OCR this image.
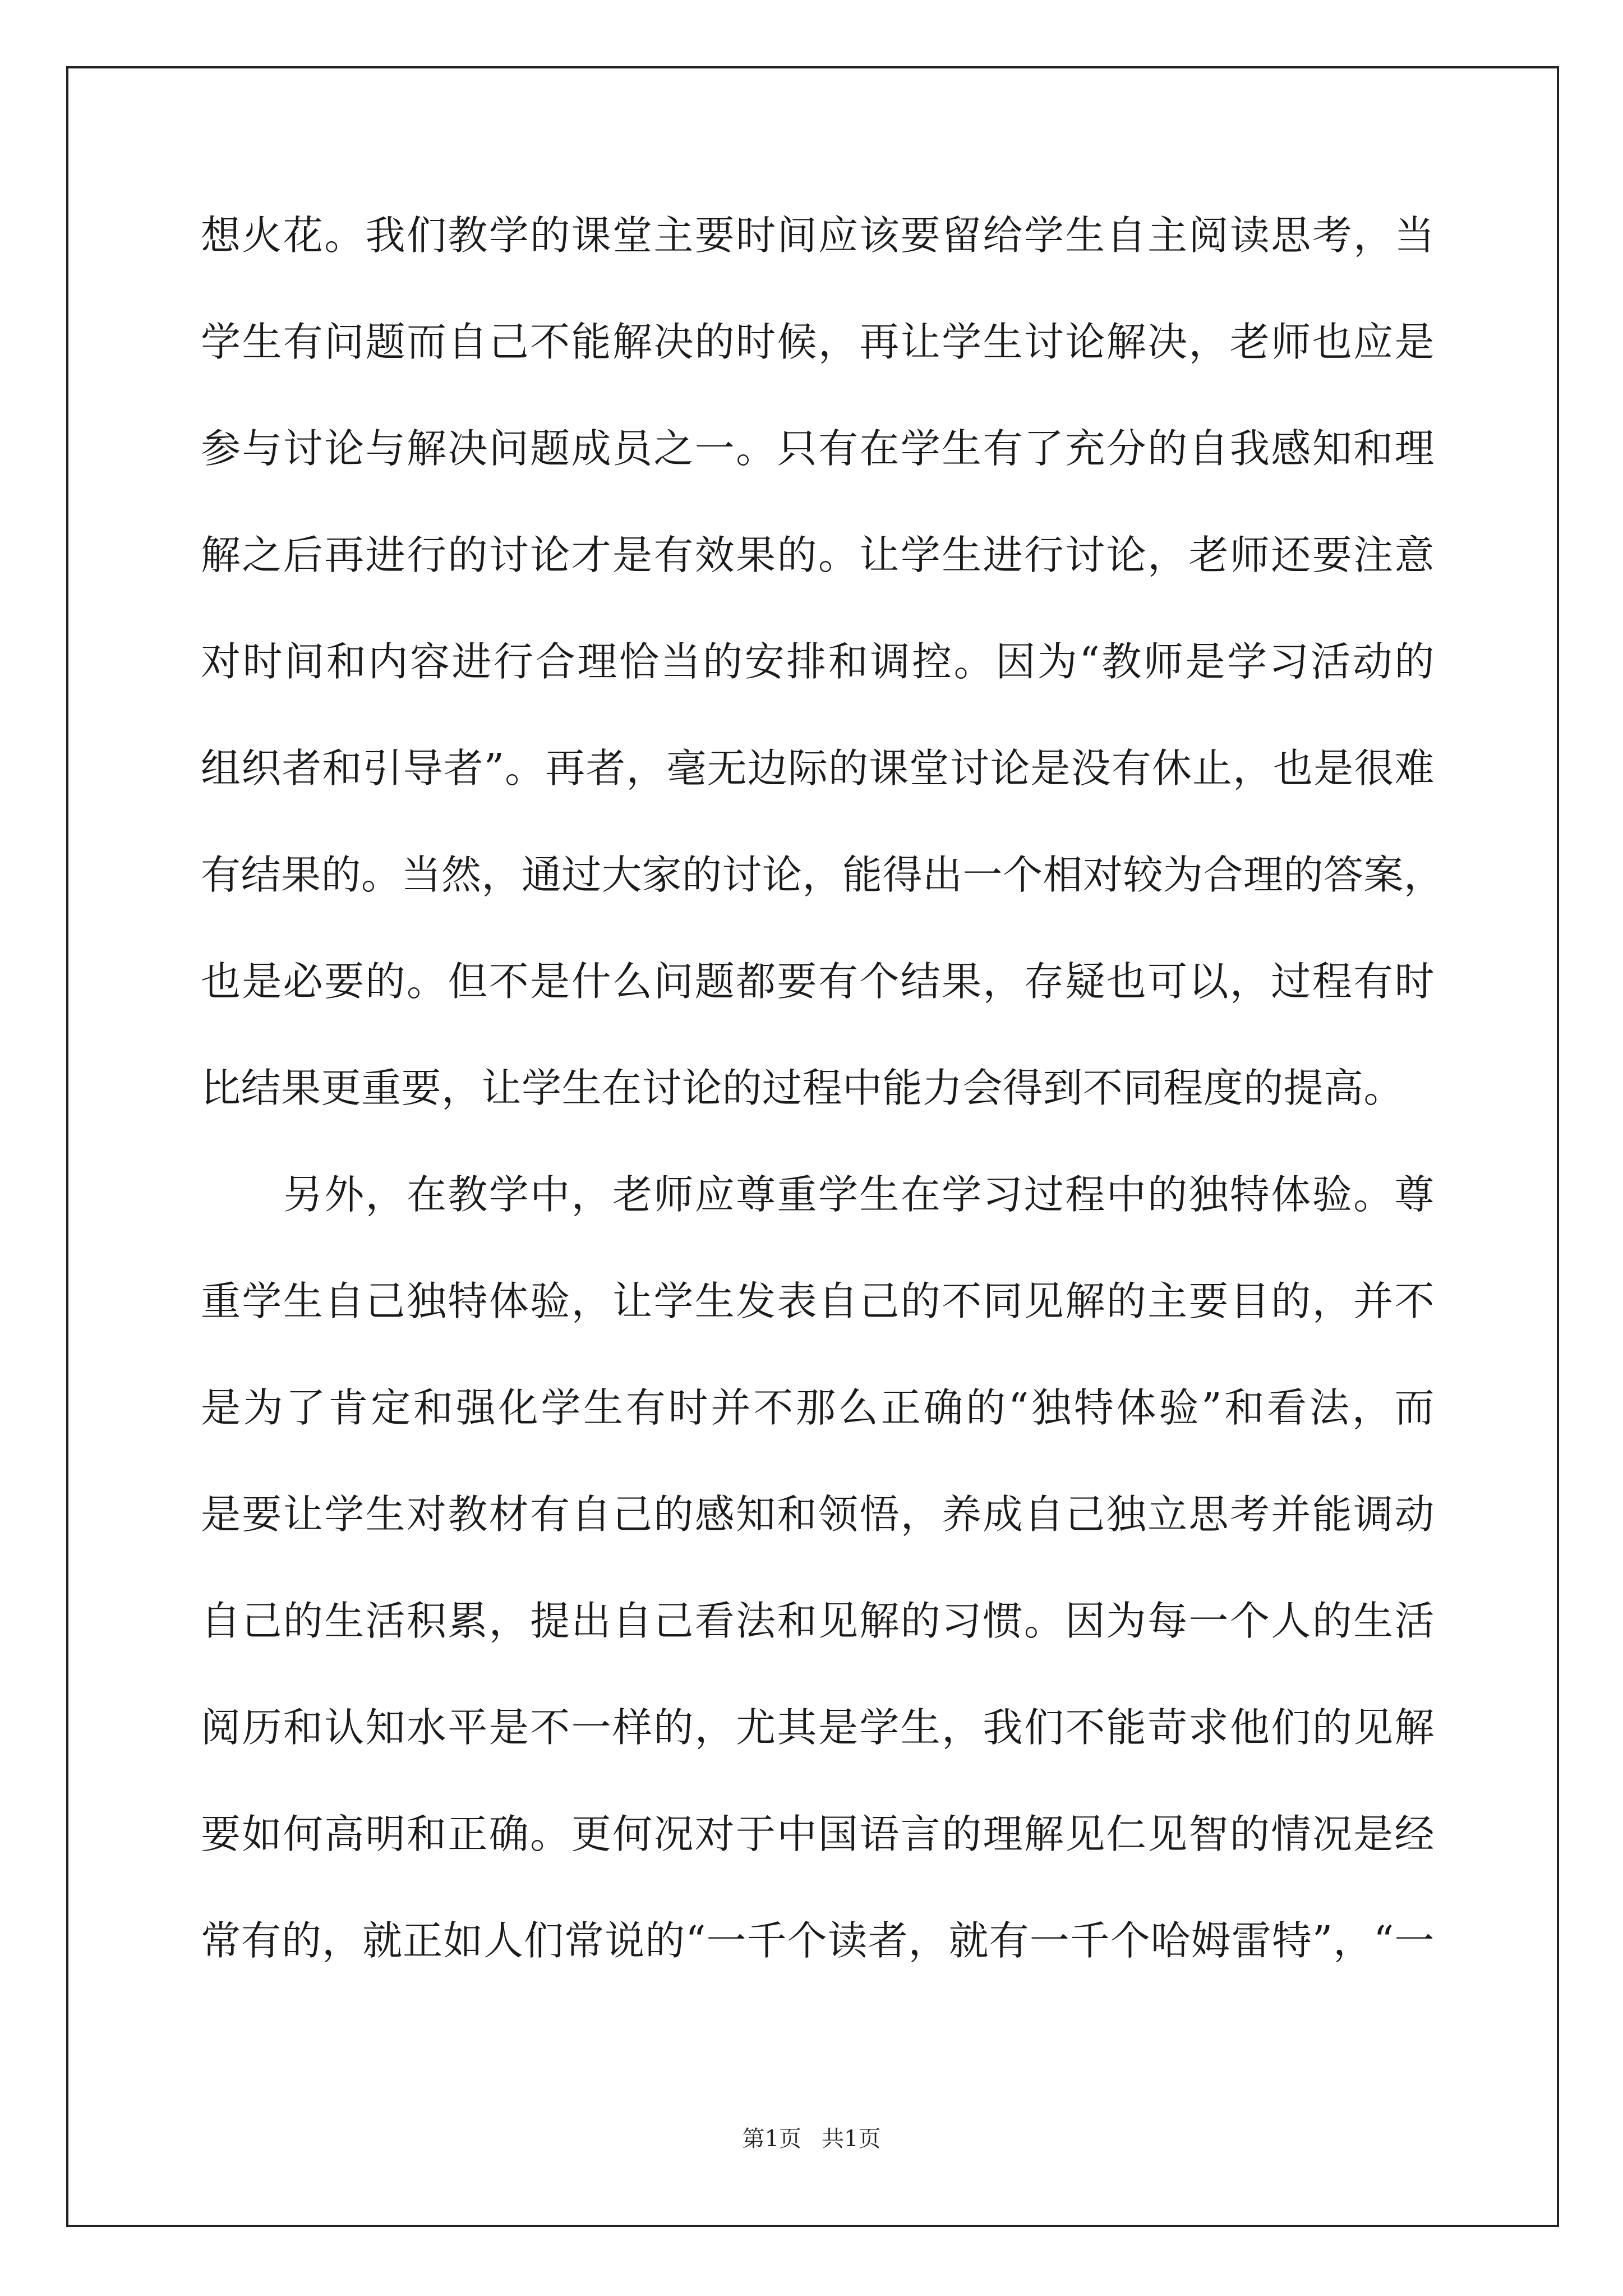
想火花。我们教学的课堂主要时间应该要留给学生自主阅读思考，当
学生有问题而自己不能解决的时候，再让学生讨论解决，老师也应是
参与讨论与解决问题成员之一。只有在学生有了充分的自我感知和理
解之后再进行的讨论才是有效果的。让学生进行讨论，老师还要注意
对时间和内容进行合理恰当的安排和调控。因为“教师是学习活动的
组织者和引导者”。再者，毫无边际的课堂讨论是没有休止，也是很难
有结果的。当然，通过大家的讨论，能得出一个相对较为合理的答案，
也是必要的。但不是什么问题都要有个结果，存疑也可以，过程有时
比结果更重要，让学生在讨论的过程中能力会得到不同程度的提高。
　　另外，在教学中，老师应尊重学生在学习过程中的独特体验。尊
重学生自己独特体验，让学生发表自己的不同见解的主要目的，并不
是为了肯定和强化学生有时并不那么正确的“独特体验”和看法，而
是要让学生对教材有自己的感知和领悟，养成自己独立思考并能调动
自己的生活积累，提出自己看法和见解的习惯。因为每一个人的生活
阅历和认知水平是不一样的，尤其是学生，我们不能苛求他们的见解
要如何高明和正确。更何况对于中国语言的理解见仁见智的情况是经
常有的，就正如人们常说的“一千个读者，就有一千个哈姆雷特”，“一
第1页 共1页
